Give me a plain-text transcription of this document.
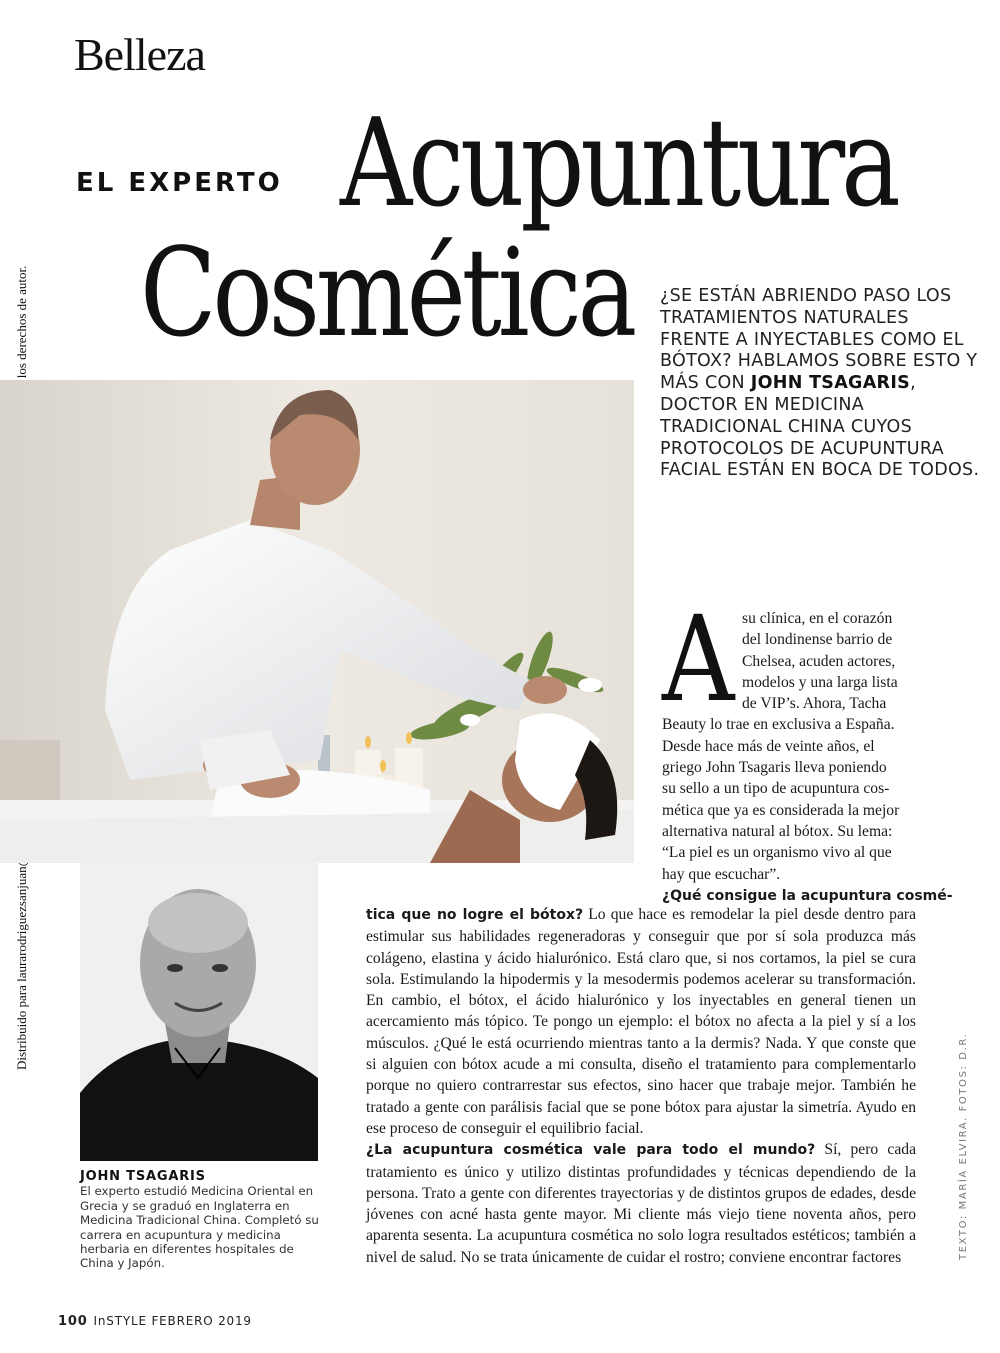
Belleza
EL EXPERTO Acupuntura
Cosmética ¿SE ESTÁN ABRIENDO PASO LOS TRATAMIENTOS NATURALES FRENTE A INYECTABLES COMO EL BÓTOX? HABLAMOS SOBRE ESTO Y MÁS CON JOHN TSAGARIS, DOCTOR EN MEDICINA TRADICIONAL CHINA CUYOS PROTOCOLOS DE ACUPUNTURA FACIAL ESTÁN EN BOCA DE TODOS.
JOHN TSAGARIS
El experto estudió Medicina Oriental en Grecia y se graduó en Inglaterra en Medicina Tradicional China. Completó su carrera en acupuntura y medicina herbaria en diferentes hospitales de China y Japón.
A su clínica, en el corazón
del londinense barrio de
Chelsea, acuden actores,
modelos y una larga lista
de VIP’s. Ahora, Tacha
Beauty lo trae en exclusiva a España.
Desde hace más de veinte años, el
griego John Tsagaris lleva poniendo
su sello a un tipo de acupuntura cos-
mética que ya es considerada la mejor
alternativa natural al bótox. Su lema:
“La piel es un organismo vivo al que
hay que escuchar”.
¿Qué consigue la acupuntura cosmé-
tica que no logre el bótox? Lo que hace es remodelar la piel desde dentro para estimular sus habilidades regeneradoras y conseguir que por sí sola produzca más colágeno, elastina y ácido hialurónico. Está claro que, si nos cortamos, la piel se cura sola. Estimulando la hipodermis y la mesodermis podemos acelerar su transformación. En cambio, el bótox, el ácido hialurónico y los inyectables en general tienen un acercamiento más tópico. Te pongo un ejemplo: el bótox no afecta a la piel y sí a los músculos. ¿Qué le está ocurriendo mientras tanto a la dermis? Nada. Y que conste que si alguien con bótox acude a mi consulta, diseño el tratamiento para complementarlo porque no quiero contrarrestar sus efectos, sino hacer que trabaje mejor. También he tratado a gente con parálisis facial que se pone bótox para ajustar la simetría. Ayudo en ese proceso de conseguir el equilibrio facial.
¿La acupuntura cosmética vale para todo el mundo? Sí, pero cada tratamiento es único y utilizo distintas profundidades y técnicas dependiendo de la persona. Trato a gente con diferentes trayectorias y de distintos grupos de edades, desde jóvenes con acné hasta gente mayor. Mi cliente más viejo tiene noventa años, pero aparenta sesenta. La acupuntura cosmética no solo logra resultados estéticos; también a nivel de salud. No se trata únicamente de cuidar el rostro; conviene encontrar factores	TEXTO: MARÍA ELVIRA. FOTOS: D.R.
100 InSTYLE FEBRERO 2019
